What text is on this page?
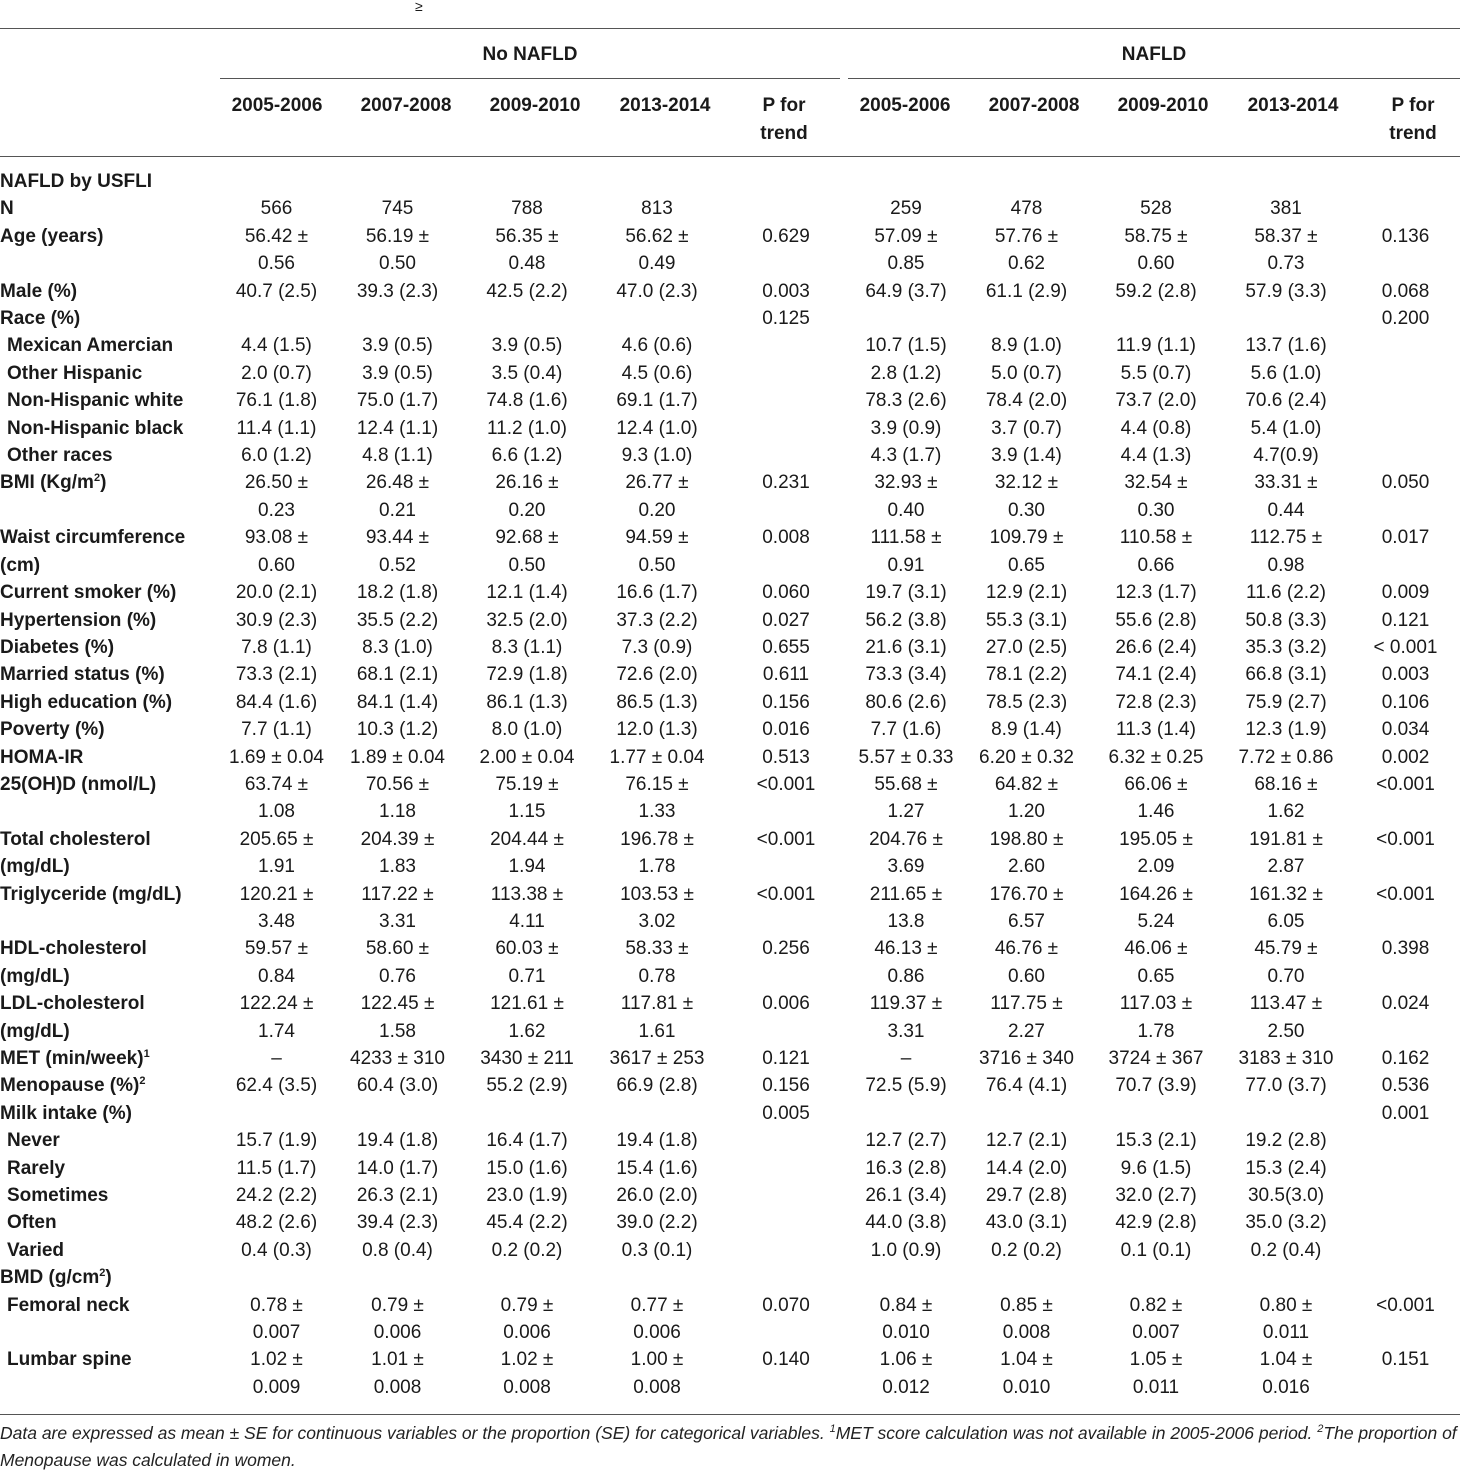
≥
No NAFLD	NAFLD
2005-2006	2007-2008	2009-2010	2013-2014	P for trend
2005-2006	2007-2008	2009-2010	2013-2014	P for trend
NAFLD by USFLI										
N	566	745	788	813		259	478	528	381	
Age (years)	56.42 ±	56.19 ±	56.35 ±	56.62 ±	0.629	57.09 ±	57.76 ±	58.75 ±	58.37 ±	0.136
	0.56	0.50	0.48	0.49		0.85	0.62	0.60	0.73	
Male (%)	40.7 (2.5)	39.3 (2.3)	42.5 (2.2)	47.0 (2.3)	0.003	64.9 (3.7)	61.1 (2.9)	59.2 (2.8)	57.9 (3.3)	0.068
Race (%)					0.125					0.200
Mexican Amercian	4.4 (1.5)	3.9 (0.5)	3.9 (0.5)	4.6 (0.6)		10.7 (1.5)	8.9 (1.0)	11.9 (1.1)	13.7 (1.6)	
Other Hispanic	2.0 (0.7)	3.9 (0.5)	3.5 (0.4)	4.5 (0.6)		2.8 (1.2)	5.0 (0.7)	5.5 (0.7)	5.6 (1.0)	
Non-Hispanic white	76.1 (1.8)	75.0 (1.7)	74.8 (1.6)	69.1 (1.7)		78.3 (2.6)	78.4 (2.0)	73.7 (2.0)	70.6 (2.4)	
Non-Hispanic black	11.4 (1.1)	12.4 (1.1)	11.2 (1.0)	12.4 (1.0)		3.9 (0.9)	3.7 (0.7)	4.4 (0.8)	5.4 (1.0)	
Other races	6.0 (1.2)	4.8 (1.1)	6.6 (1.2)	9.3 (1.0)		4.3 (1.7)	3.9 (1.4)	4.4 (1.3)	4.7(0.9)	
BMI $(Kg/m^2)$	26.50 ±	26.48 ±	26.16 ±	26.77 ±	0.231	32.93 ±	32.12 ±	32.54 ±	33.31 ±	0.050
	0.23	0.21	0.20	0.20		0.40	0.30	0.30	0.44	
Waist circumference	93.08 ±	93.44 ±	92.68 ±	94.59 ±	0.008	111.58 ±	109.79 ±	110.58 ±	112.75 ±	0.017
(cm)	0.60	0.52	0.50	0.50		0.91	0.65	0.66	0.98	
Current smoker (%)	20.0 (2.1)	18.2 (1.8)	12.1 (1.4)	16.6 (1.7)	0.060	19.7 (3.1)	12.9 (2.1)	12.3 (1.7)	11.6 (2.2)	0.009
Hypertension (%)	30.9 (2.3)	35.5 (2.2)	32.5 (2.0)	37.3 (2.2)	0.027	56.2 (3.8)	55.3 (3.1)	55.6 (2.8)	50.8 (3.3)	0.121
Diabetes (%)	7.8 (1.1)	8.3 (1.0)	8.3 (1.1)	7.3 (0.9)	0.655	21.6 (3.1)	27.0 (2.5)	26.6 (2.4)	35.3 (3.2)	< 0.001
Married status (%)	73.3 (2.1)	68.1 (2.1)	72.9 (1.8)	72.6 (2.0)	0.611	73.3 (3.4)	78.1 (2.2)	74.1 (2.4)	66.8 (3.1)	0.003
High education (%)	84.4 (1.6)	84.1 (1.4)	86.1 (1.3)	86.5 (1.3)	0.156	80.6 (2.6)	78.5 (2.3)	72.8 (2.3)	75.9 (2.7)	0.106
Poverty (%)	7.7 (1.1)	10.3 (1.2)	8.0 (1.0)	12.0 (1.3)	0.016	7.7 (1.6)	8.9 (1.4)	11.3 (1.4)	12.3 (1.9)	0.034
HOMA-IR	1.69 ± 0.04	1.89 ± 0.04	2.00 ± 0.04	1.77 ± 0.04	0.513	5.57 ± 0.33	6.20 ± 0.32	6.32 ± 0.25	7.72 ± 0.86	0.002
25(OH)D (nmol/L)	63.74 ±	70.56 ±	75.19 ±	76.15 ±	<0.001	55.68 ±	64.82 ±	66.06 ±	68.16 ±	<0.001
	1.08	1.18	1.15	1.33		1.27	1.20	1.46	1.62	
Total cholesterol	205.65 ±	204.39 ±	204.44 ±	196.78 ±	<0.001	204.76 ±	198.80 ±	195.05 ±	191.81 ±	<0.001
(mg/dL)	1.91	1.83	1.94	1.78		3.69	2.60	2.09	2.87	
Triglyceride (mg/dL)	120.21 ±	117.22 ±	113.38 ±	103.53 ±	<0.001	211.65 ±	176.70 ±	164.26 ±	161.32 ±	<0.001
	3.48	3.31	4.11	3.02		13.8	6.57	5.24	6.05	
HDL-cholesterol	59.57 ±	58.60 ±	60.03 ±	58.33 ±	0.256	46.13 ±	46.76 ±	46.06 ±	45.79 ±	0.398
(mg/dL)	0.84	0.76	0.71	0.78		0.86	0.60	0.65	0.70	
LDL-cholesterol	122.24 ±	122.45 ±	121.61 ±	117.81 ±	0.006	119.37 ±	117.75 ±	117.03 ±	113.47 ±	0.024
(mg/dL)	1.74	1.58	1.62	1.61		3.31	2.27	1.78	2.50	
MET (min/week)$^1$	–	4233 ± 310	3430 ± 211	3617 ± 253	0.121	–	3716 ± 340	3724 ± 367	3183 ± 310	0.162
Menopause (%)$^2$	62.4 (3.5)	60.4 (3.0)	55.2 (2.9)	66.9 (2.8)	0.156	72.5 (5.9)	76.4 (4.1)	70.7 (3.9)	77.0 (3.7)	0.536
Milk intake (%)					0.005					0.001
Never	15.7 (1.9)	19.4 (1.8)	16.4 (1.7)	19.4 (1.8)		12.7 (2.7)	12.7 (2.1)	15.3 (2.1)	19.2 (2.8)	
Rarely	11.5 (1.7)	14.0 (1.7)	15.0 (1.6)	15.4 (1.6)		16.3 (2.8)	14.4 (2.0)	9.6 (1.5)	15.3 (2.4)	
Sometimes	24.2 (2.2)	26.3 (2.1)	23.0 (1.9)	26.0 (2.0)		26.1 (3.4)	29.7 (2.8)	32.0 (2.7)	30.5(3.0)	
Often	48.2 (2.6)	39.4 (2.3)	45.4 (2.2)	39.0 (2.2)		44.0 (3.8)	43.0 (3.1)	42.9 (2.8)	35.0 (3.2)	
Varied	0.4 (0.3)	0.8 (0.4)	0.2 (0.2)	0.3 (0.1)		1.0 (0.9)	0.2 (0.2)	0.1 (0.1)	0.2 (0.4)	
BMD $(g/cm^2)$										
Femoral neck	0.78 ±	0.79 ±	0.79 ±	0.77 ±	0.070	0.84 ±	0.85 ±	0.82 ±	0.80 ±	<0.001
	0.007	0.006	0.006	0.006		0.010	0.008	0.007	0.011	
Lumbar spine	1.02 ±	1.01 ±	1.02 ±	1.00 ±	0.140	1.06 ±	1.04 ±	1.05 ±	1.04 ±	0.151
	0.009	0.008	0.008	0.008		0.012	0.010	0.011	0.016	
Data are expressed as mean ± SE for continuous variables or the proportion (SE) for categorical variables. $^1$MET score calculation was not available in 2005-2006 period. $^2$The proportion of Menopause was calculated in women.
